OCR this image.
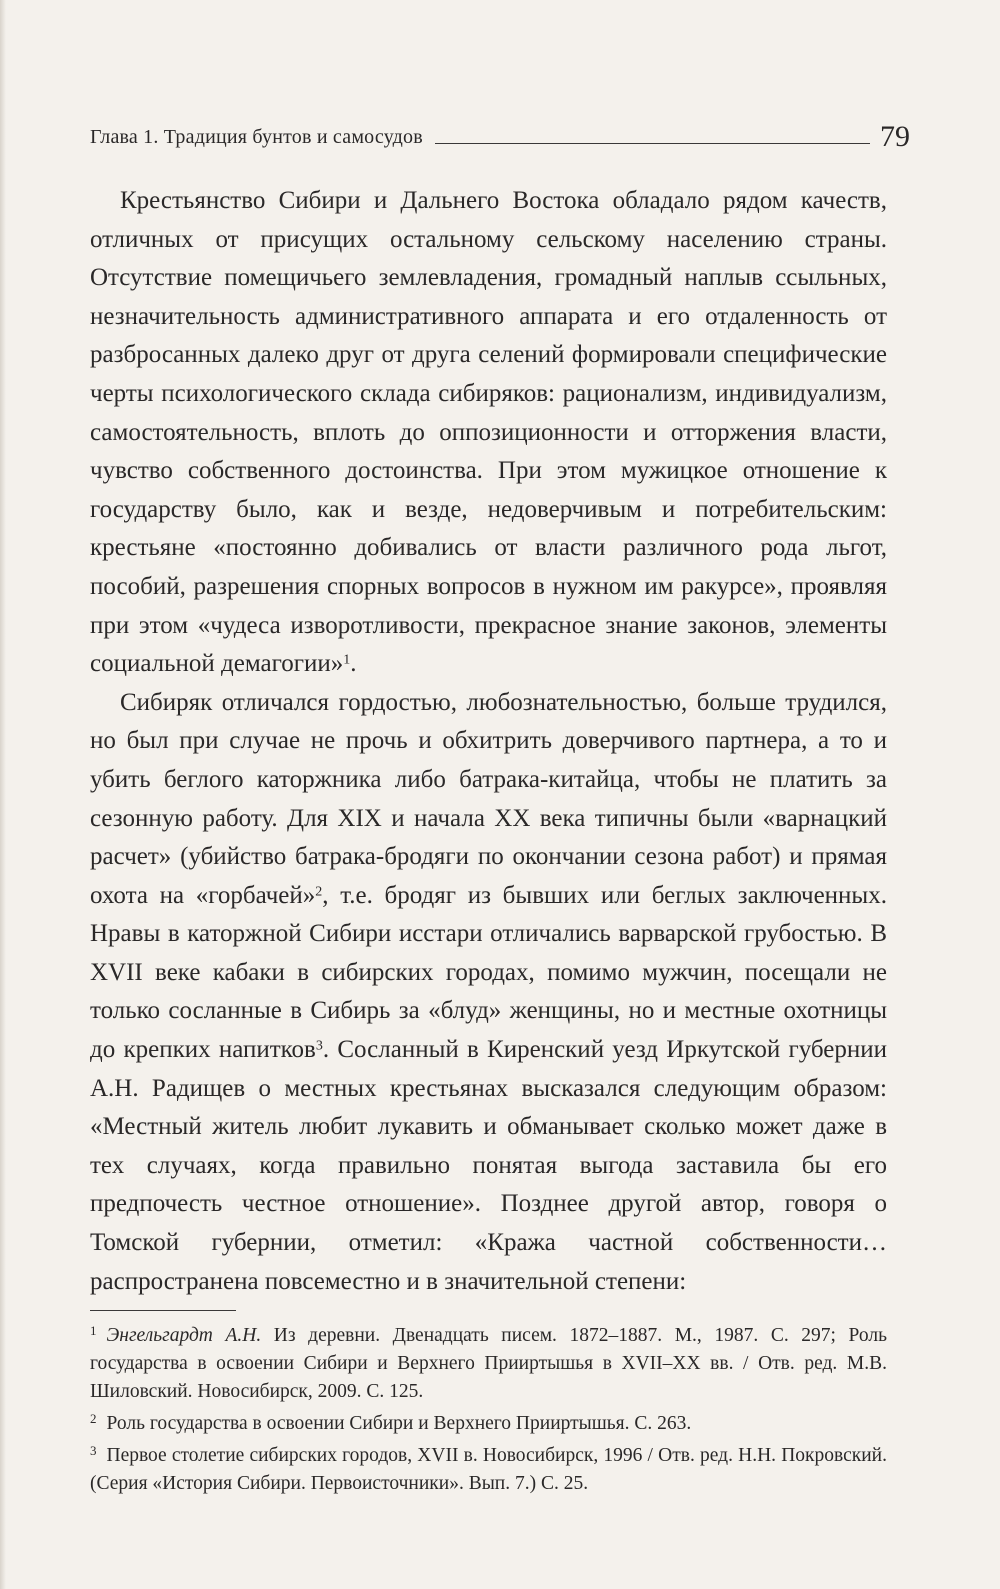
Глава 1. Традиция бунтов и самосудов	79

Крестьянство Сибири и Дальнего Востока обладало рядом качеств, отличных от присущих остальному сельскому населению страны. Отсутствие помещичьего землевладения, громадный наплыв ссыльных, незначительность административного аппарата и его отдаленность от разбросанных далеко друг от друга селений формировали специфические черты психологического склада сибиряков: рационализм, индивидуализм, самостоятельность, вплоть до оппозиционности и отторжения власти, чувство собственного достоинства. При этом мужицкое отношение к государству было, как и везде, недоверчивым и потребительским: крестьяне «постоянно добивались от власти различного рода льгот, пособий, разрешения спорных вопросов в нужном им ракурсе», проявляя при этом «чудеса изворотливости, прекрасное знание законов, элементы социальной демагогии»$^1$.

Сибиряк отличался гордостью, любознательностью, больше трудился, но был при случае не прочь и обхитрить доверчивого партнера, а то и убить беглого каторжника либо батрака-китайца, чтобы не платить за сезонную работу. Для XIX и начала XX века типичны были «варнацкий расчет» (убийство батрака-бродяги по окончании сезона работ) и прямая охота на «горбачей»$^2$, т.е. бродяг из бывших или беглых заключенных. Нравы в каторжной Сибири исстари отличались варварской грубостью. В XVII веке кабаки в сибирских городах, помимо мужчин, посещали не только сосланные в Сибирь за «блуд» женщины, но и местные охотницы до крепких напитков$^3$. Сосланный в Киренский уезд Иркутской губернии А.Н. Радищев о местных крестьянах высказался следующим образом: «Местный житель любит лукавить и обманывает сколько может даже в тех случаях, когда правильно понятая выгода заставила бы его предпочесть честное отношение». Позднее другой автор, говоря о Томской губернии, отметил: «Кража частной собственности… распространена повсеместно и в значительной степени:

$^1$ Энгельгардт А.Н. Из деревни. Двенадцать писем. 1872–1887. М., 1987. С. 297; Роль государства в освоении Сибири и Верхнего Прииртышья в XVII–XX вв. / Отв. ред. М.В. Шиловский. Новосибирск, 2009. С. 125.

$^2$ Роль государства в освоении Сибири и Верхнего Прииртышья. С. 263.

$^3$ Первое столетие сибирских городов, XVII в. Новосибирск, 1996 / Отв. ред. Н.Н. Покровский. (Серия «История Сибири. Первоисточники». Вып. 7.) С. 25.
